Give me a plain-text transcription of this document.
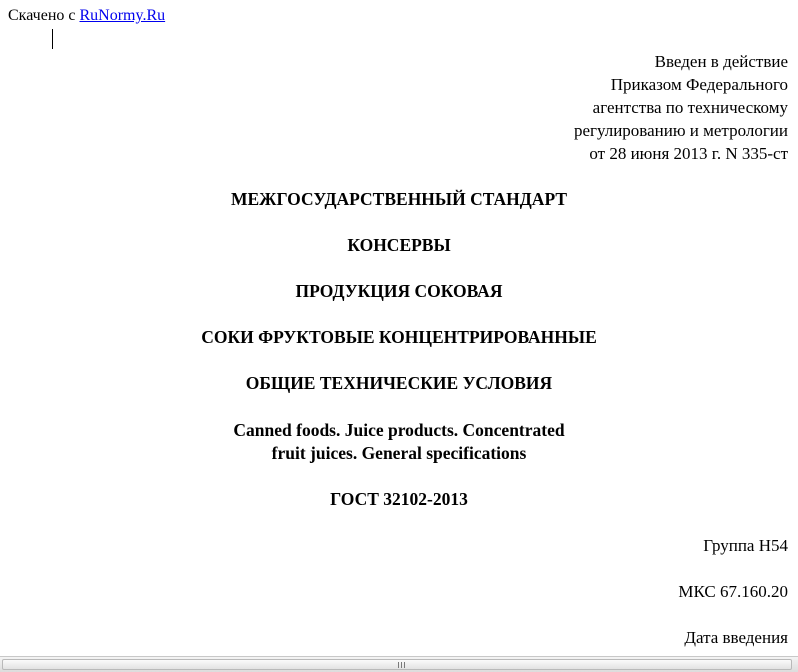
Скачено с RuNormy.Ru
Введен в действие
Приказом Федерального
агентства по техническому
регулированию и метрологии
от 28 июня 2013 г. N 335-ст
МЕЖГОСУДАРСТВЕННЫЙ СТАНДАРТ
КОНСЕРВЫ
ПРОДУКЦИЯ СОКОВАЯ
СОКИ ФРУКТОВЫЕ КОНЦЕНТРИРОВАННЫЕ
ОБЩИЕ ТЕХНИЧЕСКИЕ УСЛОВИЯ
Canned foods. Juice products. Concentrated
fruit juices. General specifications
ГОСТ 32102-2013
Группа Н54
МКС 67.160.20
Дата введения
